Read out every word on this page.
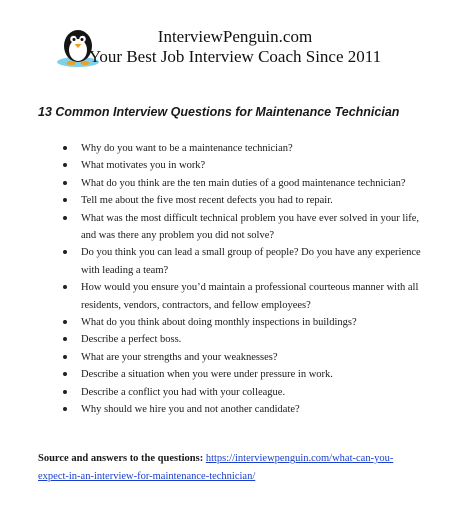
InterviewPenguin.com
Your Best Job Interview Coach Since 2011
13 Common Interview Questions for Maintenance Technician
Why do you want to be a maintenance technician?
What motivates you in work?
What do you think are the ten main duties of a good maintenance technician?
Tell me about the five most recent defects you had to repair.
What was the most difficult technical problem you have ever solved in your life, and was there any problem you did not solve?
Do you think you can lead a small group of people? Do you have any experience with leading a team?
How would you ensure you’d maintain a professional courteous manner with all residents, vendors, contractors, and fellow employees?
What do you think about doing monthly inspections in buildings?
Describe a perfect boss.
What are your strengths and your weaknesses?
Describe a situation when you were under pressure in work.
Describe a conflict you had with your colleague.
Why should we hire you and not another candidate?
Source and answers to the questions: https://interviewpenguin.com/what-can-you-expect-in-an-interview-for-maintenance-technician/
